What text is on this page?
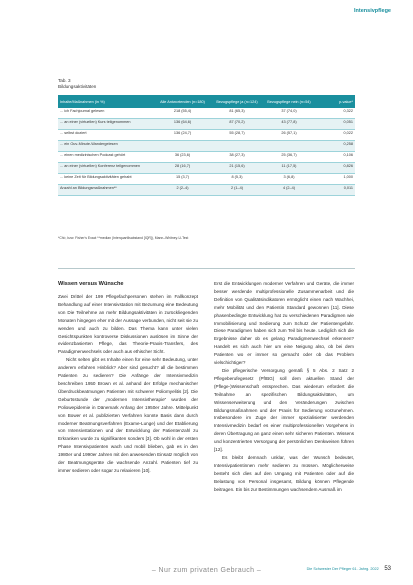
Intensivpflege
Tab. 3
Bildungsaktivitäten
Inhalte/Maßnahmen (in %)	Alle Antwortenden (n=180)	Bezugspflege ja (n=124)	Bezugspflege nein (n=54)	p-value*
... ich Fachjournal gelesen	218 (55,4)	81 (65,3)	37 (74,0)	0,322
... an einer (virtuellen) Kurs teilgenommen	136 (64,6)	87 (70,2)	43 (77,8)	0,051
... selbst doziert	136 (24,7)	55 (28,7)	26 (57,1)	0,022
... ein Ouv-Minute-Wandergelesen				0,258
... einen medizinischen Podcast gehört	36 (23,6)	38 (27,3)	25 (36,7)	0,106
... an einer (virtuellen) Konferenz teilgenommen	28 (16,7)	21 (15,6)	11 (17,5)	0,826
... keine Zeit für Bildungsaktivitäten gehabt	15 (3,7)	8 (5,3)	3 (6,8)	1,000
Anzahl an Bildungsmaßnahmen**	2 (2–4)	2 (1–4)	4 (2–4)	0,011
*Chi², bzw. Fisher's Exact **median (Interquartilsabstand [IQR]), Mann–Whitney-U-Test
Wissen versus Wünsche

Zwei Drittel der 199 Pflegefachpersonen stehen im Fallkonzept Behandlung auf einer Intensivstation mit Bezumung eine Bedeutung von Die Teilnehme an mehr Bildungsaktivitäten in zurückliegenden Monaten hingegen eher mit der Aussage verbunden, nicht seit sie zu wenden und auch zu bilden. Das Thema kann unter vielen Gesichtspunkten kontroverse Diskussionen auslösen im Sinne der evidenzbasierten Pflege, das Theorie-Praxis-Transfers, des Paradigmenwechsels oder auch aus ethischer Sicht.

Nicht selten gibt es Inhalte einen für eine sehr Bedeutung, unter anderem erfahren Hinblick? Aber sind gesucht? all die bestimmen Patienten zu sedieren? Die Anfänge der Intensivmedizin beschreiben 1950 Brown et al. anhand der Erfolge mechanischer Überdruckbeatmungen Patienten mit schwerer Poliomyelitis [2]. Die Geburtsstunde der „modernen Intensivtherapie“ wurden der Poliowepidemie in Dänemark Anfang der 1950er Jahre. Mittelpunkt von Bower et al. publizierten Verfahren konnte Basis dann durch moderner Beatmungsverfahren (Exame-Lunge) und der Etablierung von Intensivstationen und der Entwicklung der Patientenzahl zu Erkranken wurde zu signifikanten sonders [3]. Ob wohl in der ersten Phase Intensivpatienten wach und mobil blieben, gab es in den 1980er und 1990er Jahren mit den anwesenden Einsatz möglich von der Beatmungsgeräte die wachsende Anzahl. Patienten tief zu immer sedieren oder sogar zu relaxieren [10].

Erst die Entwicklungen moderner Verfahren und Geräte, die immer besser werdende multiprofessionelle Zusammenarbeit und die Definition von Qualitätsindikatoren ermöglicht einen nach Wachhei, mehr Mobilität und den Patientin Standard gewonnen [11]. Diese phasenbedingte Entwicklung hat zu verschiedenen Paradigmen wie Immobilisierung und Sedierung zum Schutz der Patientengefahr. Diese Paradigmen haben sich zum Teil bis heute. Lediglich sich die Ergebnisse daher ob es gelang Paradigmenwechsel erkennen? Handelt es sich auch hier um eine Neigung also, ob bei dem Patienten wo er immer so gemacht oder ob das Problem vielschichtiger?

Die pflegerische Versorgung gemäß § 5 Abs. 2 Satz 2 Pflegeberufegesetz (PfIBG) soll dem aktuellen Stand der (Pflege-)Wissenschaft entsprechen. Das wiederum erfordert die Teilnahme an spezifischen Bildungsaktivitäten, um Wissenserweiterung und den Veränderungen zwischen Bildungsmaßnahmen und der Praxis für Sedierung vorzunehmen. Insbesondere im Zuge der immer spezialisierter werdenden Intensivmedizin bedarf es einer multiprofessionellen Vorgehens in deren Übertragung an ganz einen sehr sicheren Patienten. Wissens und konzentrierten Versorgung der persönlichen Denkweisen führen [12].

Es bleibt demnach unklar, was der Wunsch bedeutet, Intensivpatientinnen mehr sedieren zu müssen. Möglicherweise besteht sich dies auf den Umgang mit Patienten oder auf die Belastung von Personal insgesamt, Bildung können Pflegende beitragen. Ein bis zur Bestimmungen wachsendem Ausmaß im

– Nur zum privaten Gebrauch –	Die Schwester Der Pfleger 61. Jahrg. 2022 53
